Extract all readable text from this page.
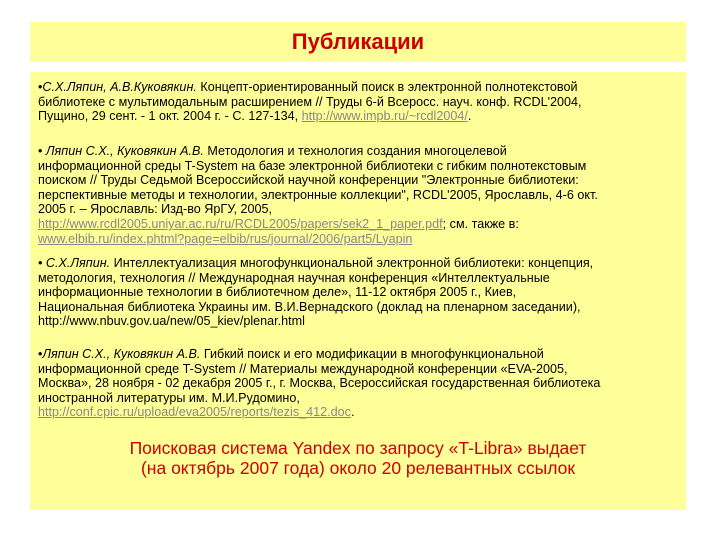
Публикации
•С.Х.Ляпин, А.В.Куковякин. Концепт-ориентированный поиск в электронной полнотекстовой
библиотеке с мультимодальным расширением // Труды 6-й Всеросс. науч. конф. RCDL'2004,
Пущино, 29 сент. - 1 окт. 2004 г. - С. 127-134, http://www.impb.ru/~rcdl2004/.
• Ляпин С.Х., Куковякин А.В. Методология и технология создания многоцелевой
информационной среды T-System на базе электронной библиотеки с гибким полнотекстовым
поиском // Труды Седьмой Всероссийской научной конференции "Электронные библиотеки:
перспективные методы и технологии, электронные коллекции", RCDL'2005, Ярославль, 4-6 окт.
2005 г. – Ярославль: Изд-во ЯрГУ, 2005,
http://www.rcdl2005.uniyar.ac.ru/ru/RCDL2005/papers/sek2_1_paper.pdf; см. также в:
www.elbib.ru/index.phtml?page=elbib/rus/journal/2006/part5/Lyapin
• С.Х.Ляпин. Интеллектуализация многофункциональной электронной библиотеки: концепция,
методология, технология // Международная научная конференция «Интеллектуальные
информационные технологии в библиотечном деле», 11-12 октября 2005 г., Киев,
Национальная библиотека Украины им. В.И.Вернадского (доклад на пленарном заседании),
http://www.nbuv.gov.ua/new/05_kiev/plenar.html
•Ляпин С.Х., Куковякин А.В. Гибкий поиск и его модификации в многофункциональной
информационной среде T-System // Материалы международной конференции «EVA-2005,
Москва», 28 ноября - 02 декабря 2005 г., г. Москва, Всероссийская государственная библиотека
иностранной литературы им. М.И.Рудомино,
http://conf.cpic.ru/upload/eva2005/reports/tezis_412.doc.
Поисковая система Yandex по запросу «T-Libra» выдает
(на октябрь 2007 года) около 20 релевантных ссылок
